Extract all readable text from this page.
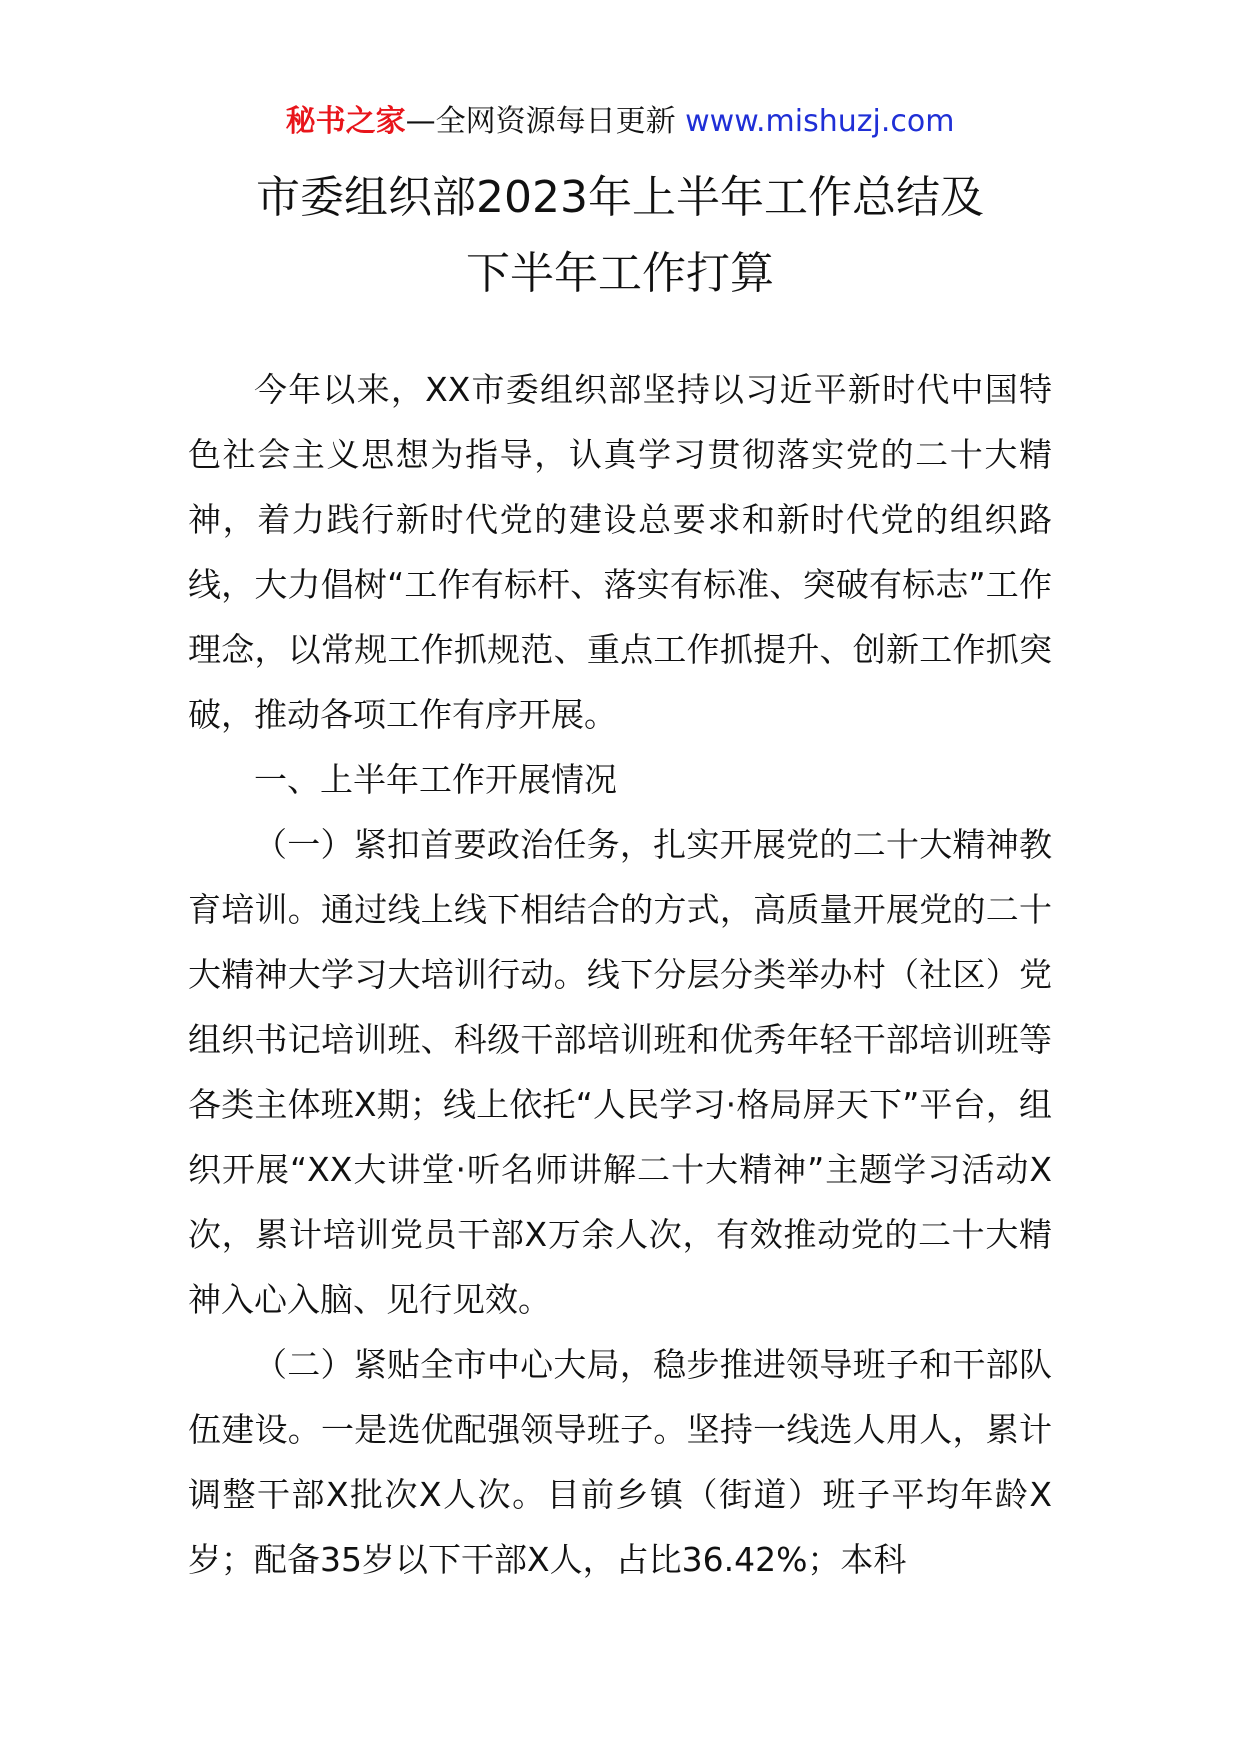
秘书之家—全网资源每日更新 www.mishuzj.com
市委组织部2023年上半年工作总结及
下半年工作打算

今年以来，XX市委组织部坚持以习近平新时代中国特色社会主义思想为指导，认真学习贯彻落实党的二十大精神，着力践行新时代党的建设总要求和新时代党的组织路线，大力倡树“工作有标杆、落实有标准、突破有标志”工作理念，以常规工作抓规范、重点工作抓提升、创新工作抓突破，推动各项工作有序开展。

一、上半年工作开展情况

（一）紧扣首要政治任务，扎实开展党的二十大精神教育培训。通过线上线下相结合的方式，高质量开展党的二十大精神大学习大培训行动。线下分层分类举办村（社区）党组织书记培训班、科级干部培训班和优秀年轻干部培训班等各类主体班X期；线上依托“人民学习·格局屏天下”平台，组织开展“XX大讲堂·听名师讲解二十大精神”主题学习活动X次，累计培训党员干部X万余人次，有效推动党的二十大精神入心入脑、见行见效。

（二）紧贴全市中心大局，稳步推进领导班子和干部队伍建设。一是选优配强领导班子。坚持一线选人用人，累计调整干部X批次X人次。目前乡镇（街道）班子平均年龄X岁；配备35岁以下干部X人，占比36.42%；本科
